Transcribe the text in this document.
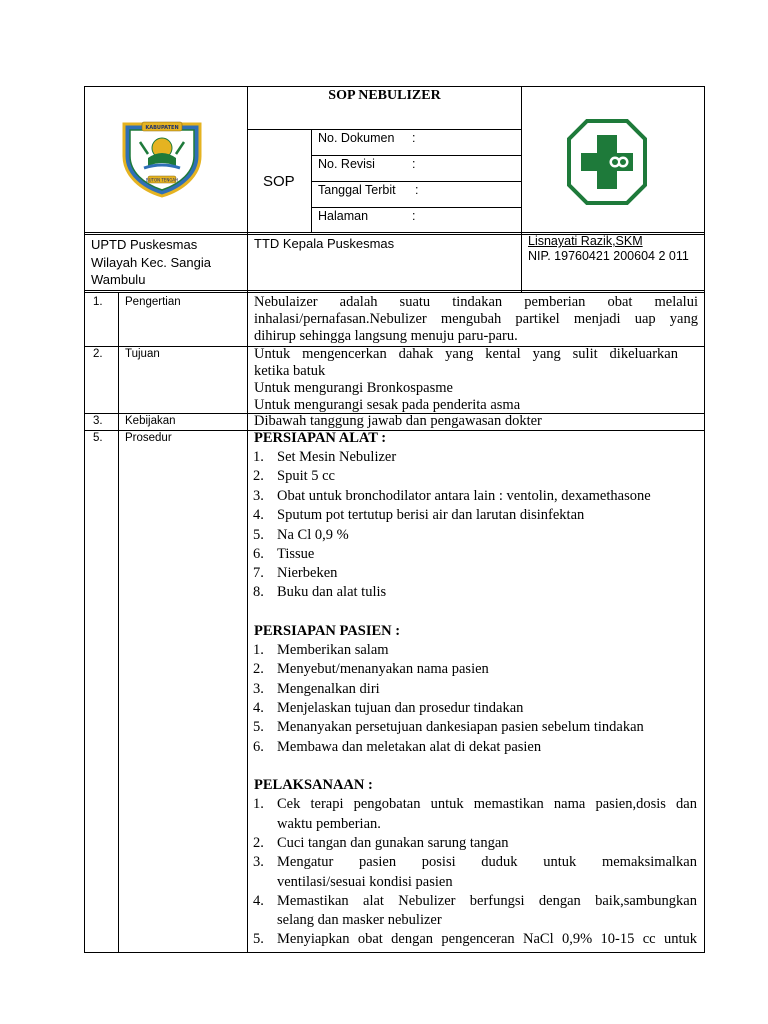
SOP NEBULIZER
SOP
No. Dokumen :
No. Revisi	:
Tanggal Terbit :
Halaman	:
KABUPATEN
BUTON TENGAH
UPTD Puskesmas
Wilayah Kec. Sangia
Wambulu
TTD Kepala Puskesmas	Lisnayati Razik,SKM
NIP. 19760421 200604 2 011
1. Pengertian	Nebulaizer adalah suatu tindakan pemberian obat melalui
inhalasi/pernafasan.Nebulizer mengubah partikel menjadi uap yang
dihirup sehingga langsung menuju paru-paru.
2. Tujuan	Untuk mengencerkan dahak yang kental yang sulit dikeluarkan
ketika batuk
Untuk mengurangi Bronkospasme
Untuk mengurangi sesak pada penderita asma
3. Kebijakan	Dibawah tanggung jawab dan pengawasan dokter
5. Prosedur	PERSIAPAN ALAT :
1. Set Mesin Nebulizer
2. Spuit 5 cc
3. Obat untuk bronchodilator antara lain : ventolin, dexamethasone
4. Sputum pot tertutup berisi air dan larutan disinfektan
5. Na Cl 0,9 %
6. Tissue
7. Nierbeken
8. Buku dan alat tulis
PERSIAPAN PASIEN :
1. Memberikan salam
2. Menyebut/menanyakan nama pasien
3. Mengenalkan diri
4. Menjelaskan tujuan dan prosedur tindakan
5. Menanyakan persetujuan dankesiapan pasien sebelum tindakan
6. Membawa dan meletakan alat di dekat pasien
PELAKSANAAN :
1. Cek terapi pengobatan untuk memastikan nama pasien,dosis dan
waktu pemberian.
2. Cuci tangan dan gunakan sarung tangan
3. Mengatur pasien posisi duduk untuk memaksimalkan
ventilasi/sesuai kondisi pasien
4. Memastikan alat Nebulizer berfungsi dengan baik,sambungkan
selang dan masker nebulizer
5. Menyiapkan obat dengan pengenceran NaCl 0,9% 10-15 cc untuk
